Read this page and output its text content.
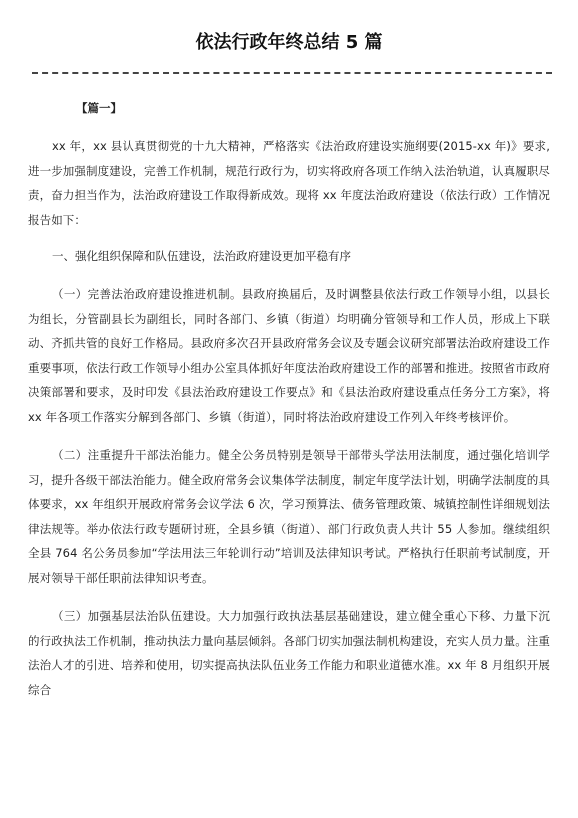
依法行政年终总结 5 篇
【篇一】

xx 年，xx 县认真贯彻党的十九大精神，严格落实《法治政府建设实施纲要(2015-xx 年)》要求,进一步加强制度建设，完善工作机制，规范行政行为，切实将政府各项工作纳入法治轨道，认真履职尽责，奋力担当作为，法治政府建设工作取得新成效。现将 xx 年度法治政府建设（依法行政）工作情况报告如下：

一、强化组织保障和队伍建设，法治政府建设更加平稳有序

（一）完善法治政府建设推进机制。县政府换届后，及时调整县依法行政工作领导小组，以县长为组长，分管副县长为副组长，同时各部门、乡镇（街道）均明确分管领导和工作人员，形成上下联动、齐抓共管的良好工作格局。县政府多次召开县政府常务会议及专题会议研究部署法治政府建设工作重要事项，依法行政工作领导小组办公室具体抓好年度法治政府建设工作的部署和推进。按照省市政府决策部署和要求，及时印发《县法治政府建设工作要点》和《县法治政府建设重点任务分工方案》，将 xx 年各项工作落实分解到各部门、乡镇（街道），同时将法治政府建设工作列入年终考核评价。

（二）注重提升干部法治能力。健全公务员特别是领导干部带头学法用法制度，通过强化培训学习，提升各级干部法治能力。健全政府常务会议集体学法制度，制定年度学法计划，明确学法制度的具体要求，xx 年组织开展政府常务会议学法 6 次，学习预算法、债务管理政策、城镇控制性详细规划法律法规等。举办依法行政专题研讨班，全县乡镇（街道）、部门行政负责人共计 55 人参加。继续组织全县 764 名公务员参加“学法用法三年轮训行动”培训及法律知识考试。严格执行任职前考试制度，开展对领导干部任职前法律知识考查。

（三）加强基层法治队伍建设。大力加强行政执法基层基础建设，建立健全重心下移、力量下沉的行政执法工作机制，推动执法力量向基层倾斜。各部门切实加强法制机构建设，充实人员力量。注重法治人才的引进、培养和使用，切实提高执法队伍业务工作能力和职业道德水准。xx 年 8 月组织开展综合
